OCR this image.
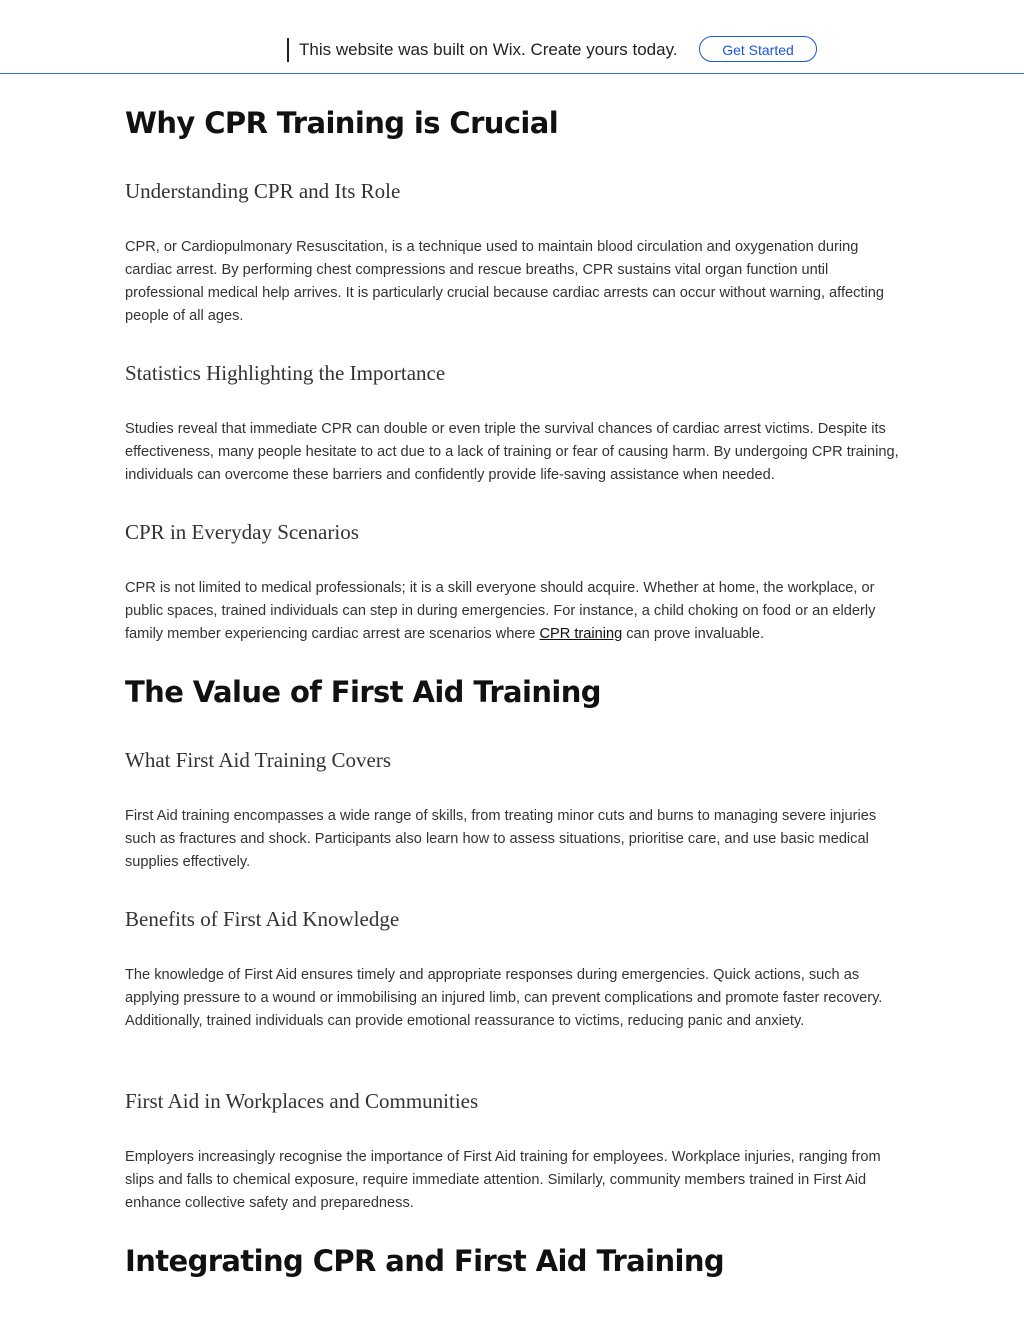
This website was built on Wix. Create yours today.	Get Started
Why CPR Training is Crucial
Understanding CPR and Its Role

CPR, or Cardiopulmonary Resuscitation, is a technique used to maintain blood circulation and oxygenation during cardiac arrest. By performing chest compressions and rescue breaths, CPR sustains vital organ function until professional medical help arrives. It is particularly crucial because cardiac arrests can occur without warning, affecting people of all ages.

Statistics Highlighting the Importance

Studies reveal that immediate CPR can double or even triple the survival chances of cardiac arrest victims. Despite its effectiveness, many people hesitate to act due to a lack of training or fear of causing harm. By undergoing CPR training, individuals can overcome these barriers and confidently provide life-saving assistance when needed.

CPR in Everyday Scenarios

CPR is not limited to medical professionals; it is a skill everyone should acquire. Whether at home, the workplace, or public spaces, trained individuals can step in during emergencies. For instance, a child choking on food or an elderly family member experiencing cardiac arrest are scenarios where CPR training can prove invaluable.

The Value of First Aid Training
What First Aid Training Covers

First Aid training encompasses a wide range of skills, from treating minor cuts and burns to managing severe injuries such as fractures and shock. Participants also learn how to assess situations, prioritise care, and use basic medical supplies effectively.

Benefits of First Aid Knowledge

The knowledge of First Aid ensures timely and appropriate responses during emergencies. Quick actions, such as applying pressure to a wound or immobilising an injured limb, can prevent complications and promote faster recovery. Additionally, trained individuals can provide emotional reassurance to victims, reducing panic and anxiety.

First Aid in Workplaces and Communities

Employers increasingly recognise the importance of First Aid training for employees. Workplace injuries, ranging from slips and falls to chemical exposure, require immediate attention. Similarly, community members trained in First Aid enhance collective safety and preparedness.

Integrating CPR and First Aid Training
